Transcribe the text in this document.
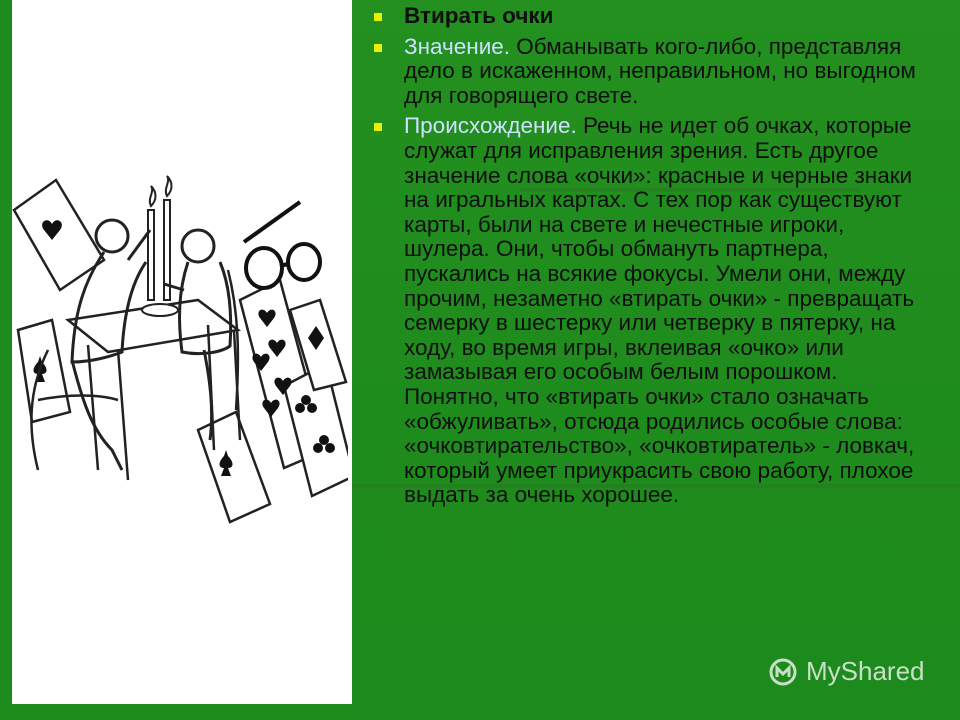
Втирать очки
Значение. Обманывать кого-либо, представляя дело в искаженном, неправильном, но выгодном для говорящего свете.
Происхождение. Речь не идет об очках, которые служат для исправления зрения. Есть другое значение слова «очки»: красные и черные знаки на игральных картах. С тех пор как существуют карты, были на свете и нечестные игроки, шулера. Они, чтобы обмануть партнера, пускались на всякие фокусы. Умели они, между прочим, незаметно «втирать очки» - превращать семерку в шестерку или четверку в пятерку, на ходу, во время игры, вклеивая «очко» или замазывая его особым белым порошком. Понятно, что «втирать очки» стало означать «обжуливать», отсюда родились особые слова: «очковтирательство», «очковтиратель» - ловкач, который умеет приукрасить свою работу, плохое выдать за очень хорошее.
MyShared
